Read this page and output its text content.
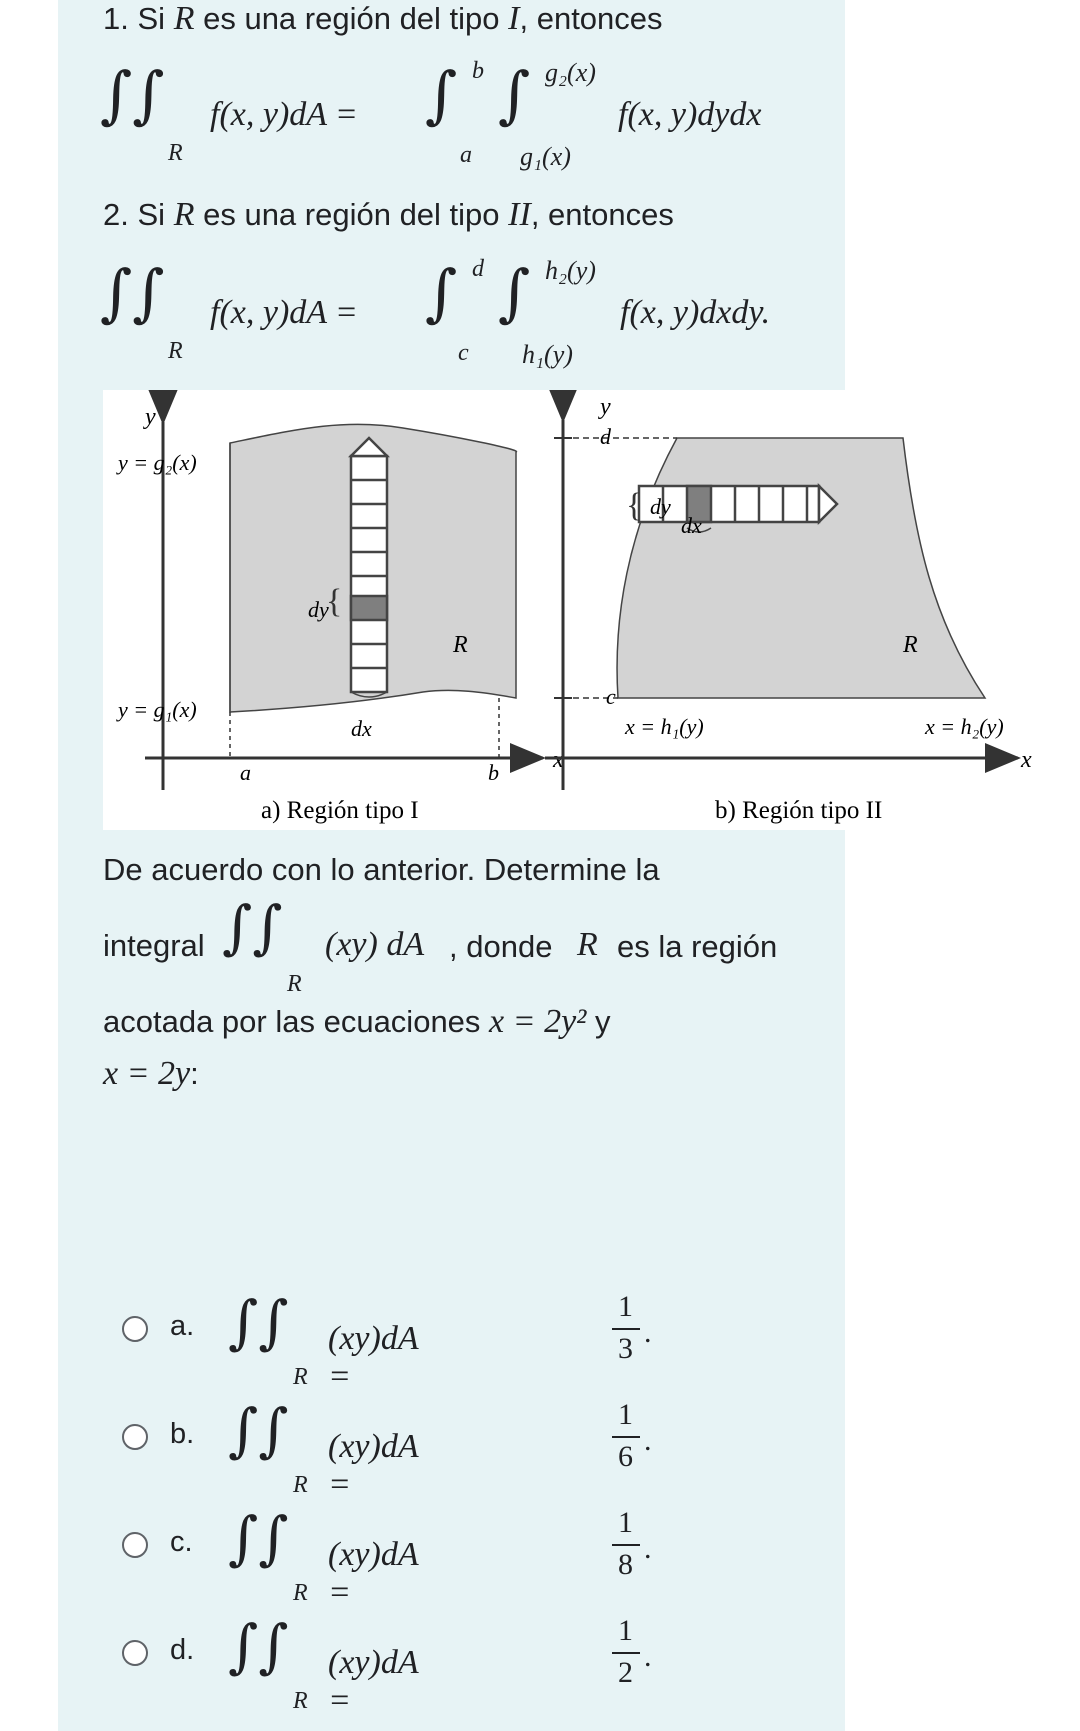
1. Si R es una región del tipo I, entonces
∫∫
R
f(x, y)dA = ∫ b
a
∫ g₂(x)
g₁(x)
f(x, y)dydx
2. Si R es una región del tipo II, entonces
∫∫
R
f(x, y)dA = ∫ d
c
∫ h₂(y)
h₁(y)
f(x, y)dxdy.
y
y = g₂(x)
y = g₁(x)
dy
{
dx
R
a	b x
a) Región tipo I
y
d
c
dy
dx
{
R
x = h₁(y)	x = h₂(y)
x
b) Región tipo II
De acuerdo con lo anterior. Determine la
integral ∫∫
R
(xy) dA , donde R es la región
acotada por las ecuaciones x = 2y² y
x = 2y:
a. ∫∫
R
(xy)dA =
1
3 .
b. ∫∫
R
(xy)dA =
1
6 .
c. ∫∫
R
(xy)dA =
1
8 .
d. ∫∫
R
(xy)dA =
1
2 .
